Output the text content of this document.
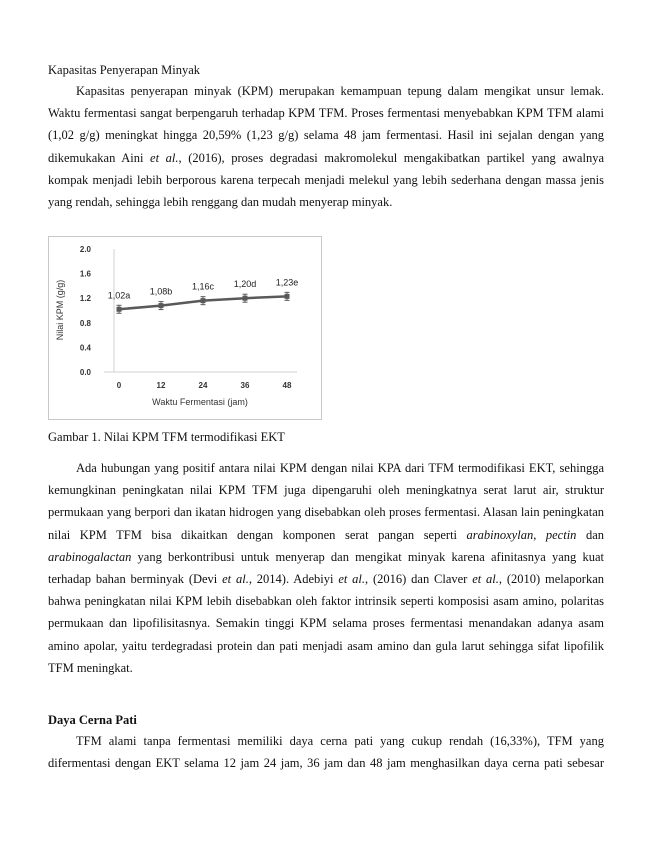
Kapasitas Penyerapan Minyak
Kapasitas penyerapan minyak (KPM) merupakan kemampuan tepung dalam mengikat unsur lemak.
Waktu fermentasi sangat berpengaruh terhadap KPM TFM. Proses fermentasi menyebabkan KPM TFM alami
(1,02 g/g) meningkat hingga 20,59% (1,23 g/g) selama 48 jam fermentasi. Hasil ini sejalan dengan yang
dikemukakan Aini et al., (2016), proses degradasi makromolekul mengakibatkan partikel yang awalnya
kompak menjadi lebih berporous karena terpecah menjadi melekul yang lebih sederhana dengan massa jenis
yang rendah, sehingga lebih renggang dan mudah menyerap minyak.
Nilai KPM (g/g)
Waktu Fermentasi (jam)
0.0
0.4
0.8
1.2
1.6
2.0
0	12	24	36	48
1,02a 1,08b 1,16c 1,20d 1,23e
Gambar 1. Nilai KPM TFM termodifikasi EKT
Ada hubungan yang positif antara nilai KPM dengan nilai KPA dari TFM termodifikasi EKT, sehingga
kemungkinan peningkatan nilai KPM TFM juga dipengaruhi oleh meningkatnya serat larut air, struktur
permukaan yang berpori dan ikatan hidrogen yang disebabkan oleh proses fermentasi. Alasan lain peningkatan
nilai KPM TFM bisa dikaitkan dengan komponen serat pangan seperti arabinoxylan, pectin dan
arabinogalactan yang berkontribusi untuk menyerap dan mengikat minyak karena afinitasnya yang kuat
terhadap bahan berminyak (Devi et al., 2014). Adebiyi et al., (2016) dan Claver et al., (2010) melaporkan
bahwa peningkatan nilai KPM lebih disebabkan oleh faktor intrinsik seperti komposisi asam amino, polaritas
permukaan dan lipofilisitasnya. Semakin tinggi KPM selama proses fermentasi menandakan adanya asam
amino apolar, yaitu terdegradasi protein dan pati menjadi asam amino dan gula larut sehingga sifat lipofilik
TFM meningkat.
Daya Cerna Pati
TFM alami tanpa fermentasi memiliki daya cerna pati yang cukup rendah (16,33%), TFM yang
difermentasi dengan EKT selama 12 jam 24 jam, 36 jam dan 48 jam menghasilkan daya cerna pati sebesar
